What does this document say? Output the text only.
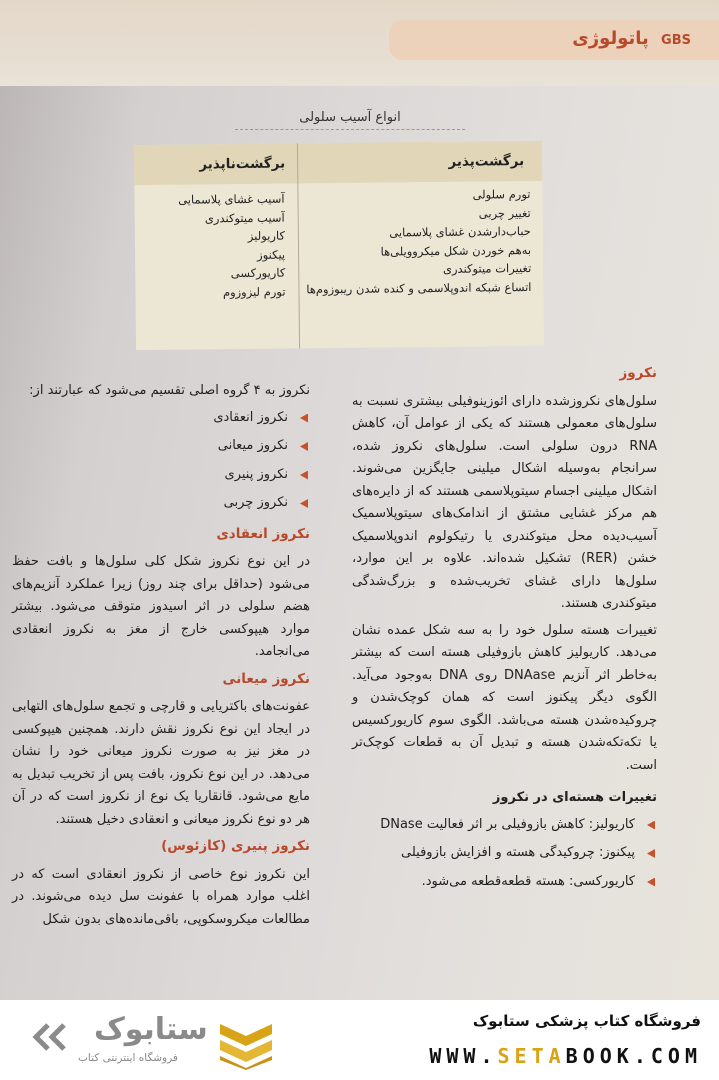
GBS پاتولوژی
انواع آسیب سلولی
برگشت‌پذیر
برگشت‌ناپذیر
تورم سلولی
تغییر چربی
حباب‌دارشدن غشای پلاسمایی
به‌هم خوردن شکل میکروویلی‌ها
تغییرات میتوکندری
اتساع شبکه اندوپلاسمی و کنده شدن ریبوزوم‌ها
آسیب غشای پلاسمایی
آسیب میتوکندری
کاریولیز
پیکنوز
کاریورکسی
تورم لیزوزوم
نکروز

سلول‌های نکروزشده دارای ائوزینوفیلی بیشتری نسبت به سلول‌های معمولی هستند که یکی از عوامل آن، کاهش RNA درون سلولی است. سلول‌های نکروز شده، سرانجام به‌وسیله اشکال میلینی جایگزین می‌شوند. اشکال میلینی اجسام سیتوپلاسمی هستند که از دایره‌های هم مرکز غشایی مشتق از اندامک‌های سیتوپلاسمیک آسیب‌دیده محل میتوکندری یا رتیکولوم اندوپلاسمیک خشن (RER) تشکیل شده‌اند. علاوه بر این موارد، سلول‌ها دارای غشای تخریب‌شده و بزرگ‌شدگی میتوکندری هستند.

تغییرات هسته سلول خود را به سه شکل عمده نشان می‌دهد. کاریولیز کاهش بازوفیلی هسته است که بیشتر به‌خاطر اثر آنزیم DNAase روی DNA به‌وجود می‌آید. الگوی دیگر پیکنوز است که همان کوچک‌شدن و چروکیده‌شدن هسته می‌باشد. الگوی سوم کاریورکسیس یا تکه‌تکه‌شدن هسته و تبدیل آن به قطعات کوچک‌تر است.

تغییرات هسته‌ای در نکروز
کاریولیز: کاهش بازوفیلی بر اثر فعالیت DNase
پیکنوز: چروکیدگی هسته و افزایش بازوفیلی
کاریورکسی: هسته قطعه‌قطعه می‌شود.

نکروز به ۴ گروه اصلی تقسیم می‌شود که عبارتند از:

نکروز انعقادی
نکروز میعانی
نکروز پنیری
نکروز چربی
نکروز انعقادی

در این نوع نکروز شکل کلی سلول‌ها و بافت حفظ می‌شود (حداقل برای چند روز) زیرا عملکرد آنزیم‌های هضم سلولی در اثر اسیدوز متوقف می‌شود. بیشتر موارد هیپوکسی خارج از مغز به نکروز انعقادی می‌انجامد.

نکروز میعانی

عفونت‌های باکتریایی و قارچی و تجمع سلول‌های التهابی در ایجاد این نوع نکروز نقش دارند. همچنین هیپوکسی در مغز نیز به صورت نکروز میعانی خود را نشان می‌دهد. در این نوع نکروز، بافت پس از تخریب تبدیل به مایع می‌شود. قانقاریا یک نوع از نکروز است که در آن هر دو نوع نکروز میعانی و انعقادی دخیل هستند.

نکروز پنیری (کازئوس)

این نکروز نوع خاصی از نکروز انعقادی است که در اغلب موارد همراه با عفونت سل دیده می‌شوند. در مطالعات میکروسکوپی، باقی‌مانده‌های بدون شکل

فروشگاه کتاب پزشکی ستابوک
WWW.SETABOOK.COM
ستابوک
فروشگاه اینترنتی کتاب
